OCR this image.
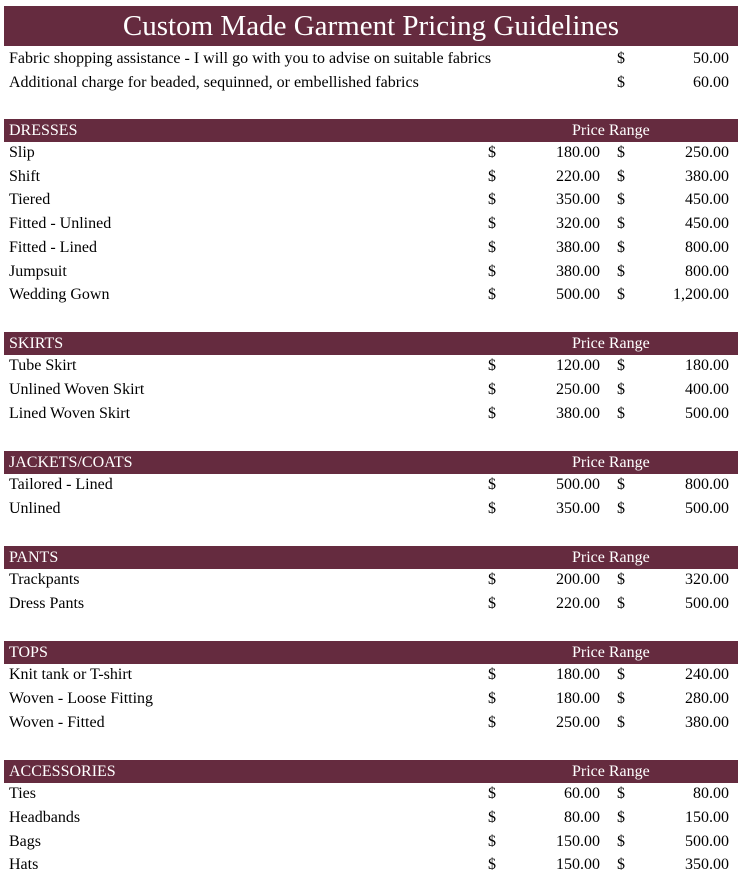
Custom Made Garment Pricing Guidelines
Fabric shopping assistance - I will go with you to advise on suitable fabrics	$	50.00
Additional charge for beaded, sequinned, or embellished fabrics	$	60.00
DRESSES	Price Range
Slip	$	180.00 $	250.00
Shift	$	220.00 $	380.00
Tiered	$	350.00 $	450.00
Fitted - Unlined	$	320.00 $	450.00
Fitted - Lined	$	380.00 $	800.00
Jumpsuit	$	380.00 $	800.00
Wedding Gown	$	500.00 $	1,200.00
SKIRTS	Price Range
Tube Skirt	$	120.00 $	180.00
Unlined Woven Skirt	$	250.00 $	400.00
Lined Woven Skirt	$	380.00 $	500.00
JACKETS/COATS	Price Range
Tailored - Lined	$	500.00 $	800.00
Unlined	$	350.00 $	500.00
PANTS	Price Range
Trackpants	$	200.00 $	320.00
Dress Pants	$	220.00 $	500.00
TOPS	Price Range
Knit tank or T-shirt	$	180.00 $	240.00
Woven - Loose Fitting	$	180.00 $	280.00
Woven - Fitted	$	250.00 $	380.00
ACCESSORIES	Price Range
Ties	$	60.00 $	80.00
Headbands	$	80.00 $	150.00
Bags	$	150.00 $	500.00
Hats	$	150.00 $	350.00
